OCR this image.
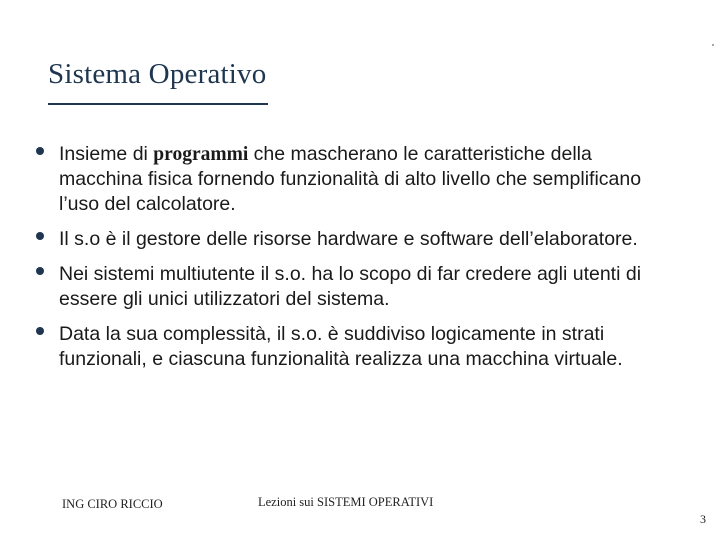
Sistema Operativo
Insieme di programmi che mascherano le caratteristiche della macchina fisica fornendo funzionalità di alto livello che semplificano l’uso del calcolatore.
Il s.o è il gestore delle risorse hardware e software dell’elaboratore.
Nei sistemi multiutente il s.o. ha lo scopo di far credere agli utenti di essere gli unici utilizzatori del sistema.
Data la sua complessità, il s.o. è suddiviso logicamente in strati funzionali, e ciascuna funzionalità realizza una macchina virtuale.
ING CIRO RICCIO	Lezioni sui SISTEMI OPERATIVI
3
